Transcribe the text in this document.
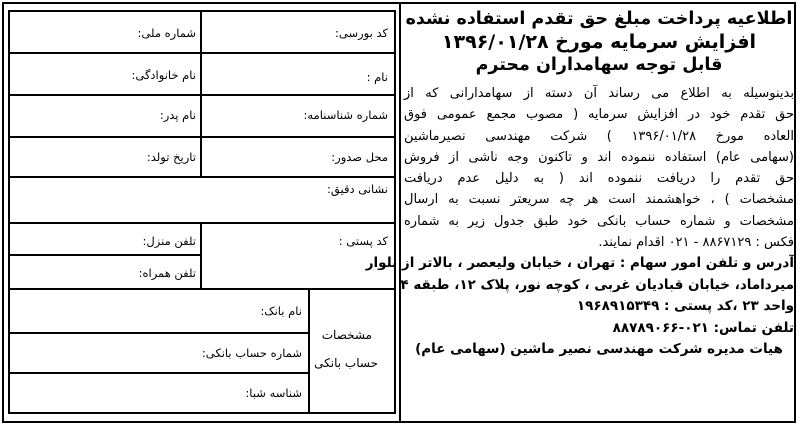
اطلاعیه پرداخت مبلغ حق تقدم استفاده نشده
افزایش سرمایه مورخ ۱۳۹۶/۰۱/۲۸
قابل توجه سهامداران محترم
بدینوسیله به اطلاع می رساند آن دسته از سهامدارانی که از
حق تقدم خود در افزایش سرمایه ( مصوب مجمع عمومی فوق
العاده مورخ ۱۳۹۶/۰۱/۲۸ ) شرکت مهندسی نصیرماشین
(سهامی عام) استفاده ننموده اند و تاکنون وجه ناشی از فروش
حق تقدم را دریافت ننموده اند ( به دلیل عدم دریافت
مشخصات ) ، خواهشمند است هر چه سریعتر نسبت به ارسال
مشخصات و شماره حساب بانکی خود طبق جدول زیر به شماره
فکس : ۸۸۶۷۱۲۹ - ۰۲۱ اقدام نمایند.
آدرس و تلفن امور سهام : تهران ، خیابان ولیعصر ، بالاتر از بلوار
میرداماد، خیابان قبادیان غربی ، کوچه نور، پلاک ۱۲، طبقه ۴
واحد ۲۳ ،کد پستی : ۱۹۶۸۹۱۵۳۴۹
تلفن تماس: ۰۲۱-۸۸۷۸۹۰۶۶
هیات مدیره شرکت مهندسی نصیر ماشین (سهامی عام)
کد بورسی:
شماره ملی:
نام :
نام خانوادگی:
شماره شناسنامه:
نام پدر:
محل صدور:
تاریخ تولد:
نشانی دقیق:
کد پستی :
تلفن منزل:
تلفن همراه:
مشخصات
حساب بانکی
نام بانک:
شماره حساب بانکی:
شناسه شبا:
